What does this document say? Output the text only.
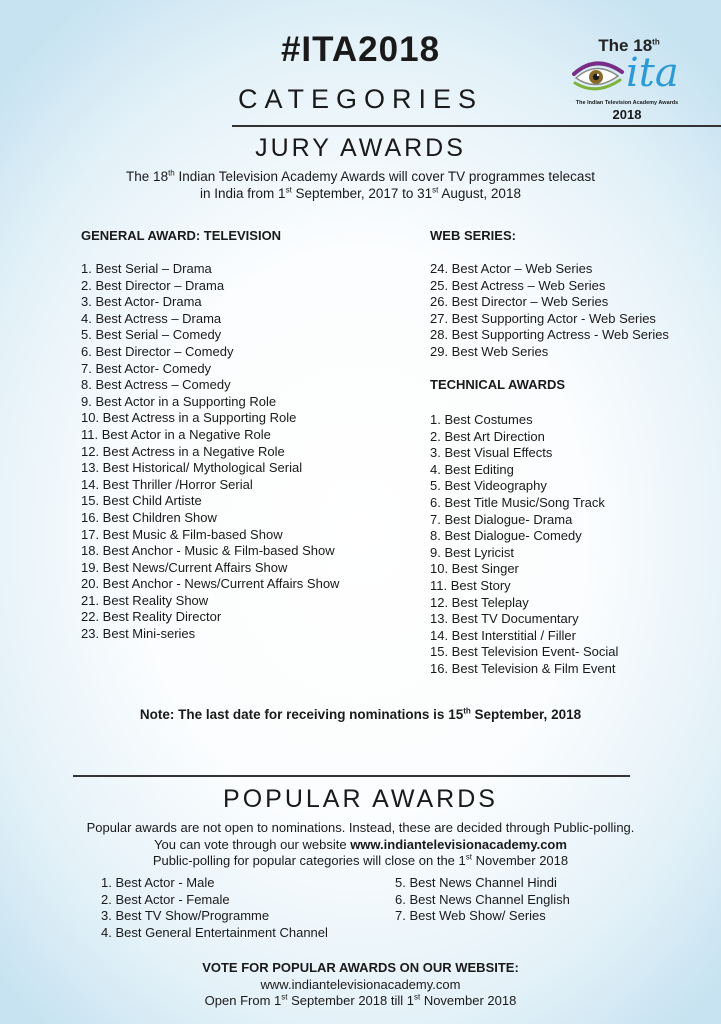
#ITA2018
CATEGORIES
The 18th
ita
The Indian Television Academy Awards
2018
JURY AWARDS
The 18th Indian Television Academy Awards will cover TV programmes telecast
in India from 1st September, 2017 to 31st August, 2018
GENERAL AWARD: TELEVISION
1. Best Serial – Drama
2. Best Director – Drama
3. Best Actor- Drama
4. Best Actress – Drama
5. Best Serial – Comedy
6. Best Director – Comedy
7. Best Actor- Comedy
8. Best Actress – Comedy
9. Best Actor in a Supporting Role
10. Best Actress in a Supporting Role
11. Best Actor in a Negative Role
12. Best Actress in a Negative Role
13. Best Historical/ Mythological Serial
14. Best Thriller /Horror Serial
15. Best Child Artiste
16. Best Children Show
17. Best Music & Film-based Show
18. Best Anchor - Music & Film-based Show
19. Best News/Current Affairs Show
20. Best Anchor - News/Current Affairs Show
21. Best Reality Show
22. Best Reality Director
23. Best Mini-series
WEB SERIES:
24. Best Actor – Web Series
25. Best Actress – Web Series
26. Best Director – Web Series
27. Best Supporting Actor - Web Series
28. Best Supporting Actress - Web Series
29. Best Web Series
TECHNICAL AWARDS
1. Best Costumes
2. Best Art Direction
3. Best Visual Effects
4. Best Editing
5. Best Videography
6. Best Title Music/Song Track
7. Best Dialogue- Drama
8. Best Dialogue- Comedy
9. Best Lyricist
10. Best Singer
11. Best Story
12. Best Teleplay
13. Best TV Documentary
14. Best Interstitial / Filler
15. Best Television Event- Social
16. Best Television & Film Event
Note: The last date for receiving nominations is 15th September, 2018
POPULAR AWARDS
Popular awards are not open to nominations. Instead, these are decided through Public-polling.
You can vote through our website www.indiantelevisionacademy.com
Public-polling for popular categories will close on the 1st November 2018
1. Best Actor - Male
2. Best Actor - Female
3. Best TV Show/Programme
4. Best General Entertainment Channel
5. Best News Channel Hindi
6. Best News Channel English
7. Best Web Show/ Series
VOTE FOR POPULAR AWARDS ON OUR WEBSITE:
www.indiantelevisionacademy.com
Open From 1st September 2018 till 1st November 2018
